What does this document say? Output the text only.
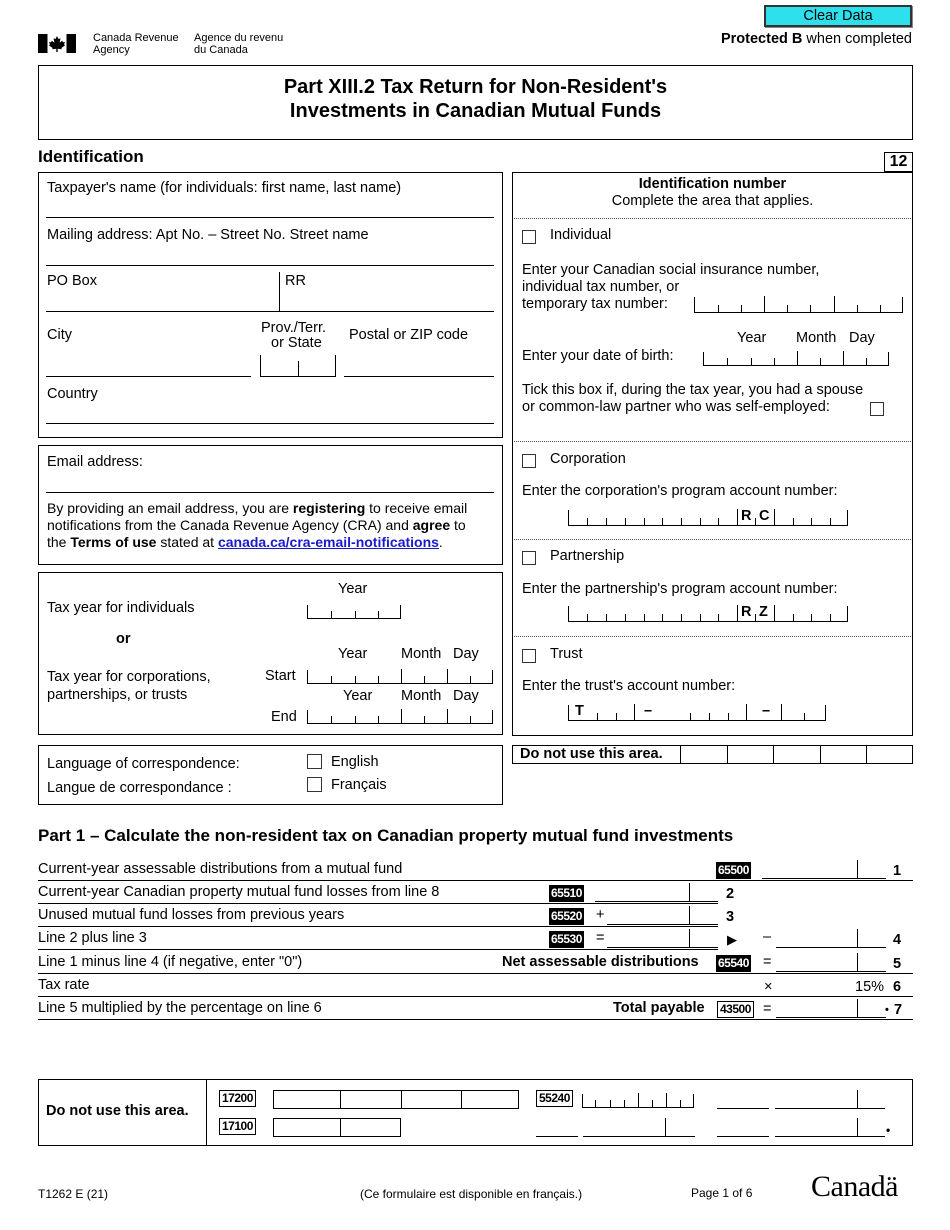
Canada Revenue
Agency
Agence du revenu
du Canada
Clear Data
Protected B when completed
Part XIII.2 Tax Return for Non-Resident's
Investments in Canadian Mutual Funds
Identification	12
Taxpayer's name (for individuals: first name, last name)
Mailing address: Apt No. – Street No. Street name
PO Box	RR
City	Prov./Terr.
or State Postal or ZIP code
Country
Email address:
By providing an email address, you are registering to receive email
notifications from the Canada Revenue Agency (CRA) and agree to
the Terms of use stated at canada.ca/cra-email-notifications.
Year
Tax year for individuals
or
Year Month Day
Tax year for corporations,
partnerships, or trusts
Start
Year Month Day
End
Language of correspondence:
Langue de correspondance :
English
Français
Identification number
Complete the area that applies.
Individual
Enter your Canadian social insurance number,
individual tax number, or
temporary tax number:
Year Month Day
Enter your date of birth:
Tick this box if, during the tax year, you had a spouse
or common-law partner who was self-employed:
Corporation
Enter the corporation's program account number:
R C
Partnership
Enter the partnership's program account number:
R Z
Trust
Enter the trust's account number:
T	–	–
Do not use this area.
Part 1 – Calculate the non-resident tax on Canadian property mutual fund investments
Current-year assessable distributions from a mutual fund	65500	1
Current-year Canadian property mutual fund losses from line 8	65510	2
Unused mutual fund losses from previous years	65520 +	3
Line 2 plus line 3	65530 =	▶ –	4
Line 1 minus line 4 (if negative, enter "0")	Net assessable distributions 65540 =	5
Tax rate	×	15% 6
Line 5 multiplied by the percentage on line 6	Total payable 43500 =	• 7
Do not use this area.
17200
17100
55240
•
T1262 E (21)	(Ce formulaire est disponible en français.)	Page 1 of 6 Canadä
